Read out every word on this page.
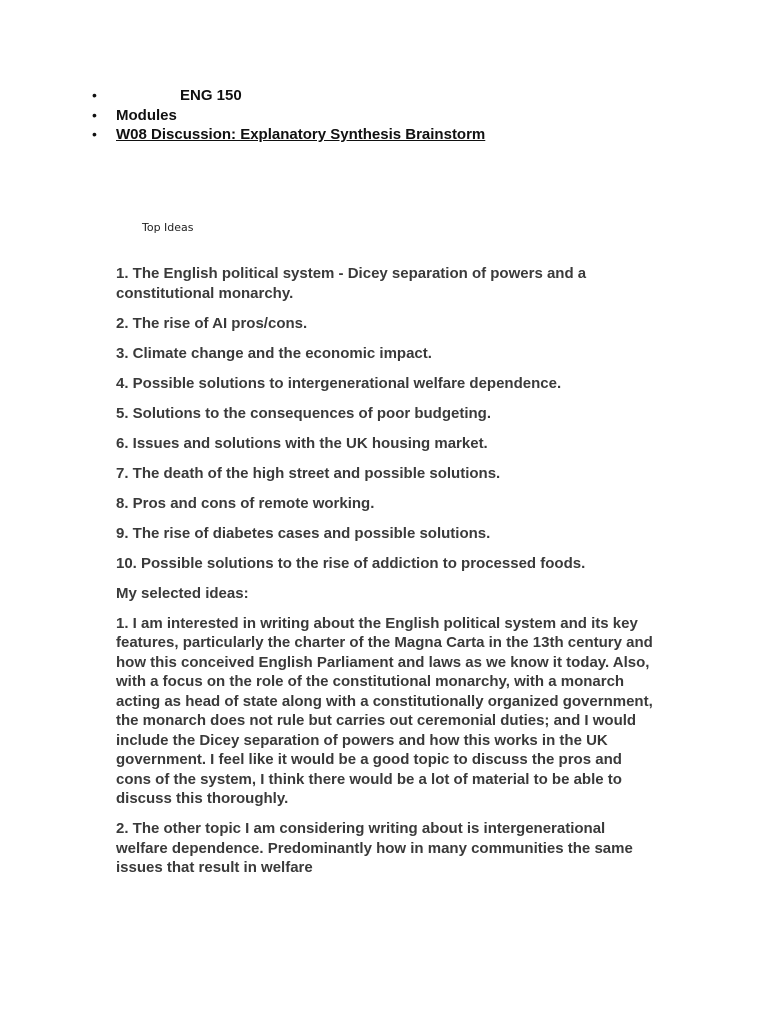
•	ENG 150
• Modules
• W08 Discussion: Explanatory Synthesis Brainstorm
Top Ideas

1. The English political system - Dicey separation of powers and a constitutional monarchy.

2. The rise of AI pros/cons.

3. Climate change and the economic impact.

4. Possible solutions to intergenerational welfare dependence.

5. Solutions to the consequences of poor budgeting.

6. Issues and solutions with the UK housing market.

7. The death of the high street and possible solutions.

8. Pros and cons of remote working.

9. The rise of diabetes cases and possible solutions.

10. Possible solutions to the rise of addiction to processed foods.

My selected ideas:

1. I am interested in writing about the English political system and its key features, particularly the charter of the Magna Carta in the 13th century and how this conceived English Parliament and laws as we know it today. Also, with a focus on the role of the constitutional monarchy, with a monarch acting as head of state along with a constitutionally organized government, the monarch does not rule but carries out ceremonial duties; and I would include the Dicey separation of powers and how this works in the UK government. I feel like it would be a good topic to discuss the pros and cons of the system, I think there would be a lot of material to be able to discuss this thoroughly.

2. The other topic I am considering writing about is intergenerational welfare dependence. Predominantly how in many communities the same issues that result in welfare
